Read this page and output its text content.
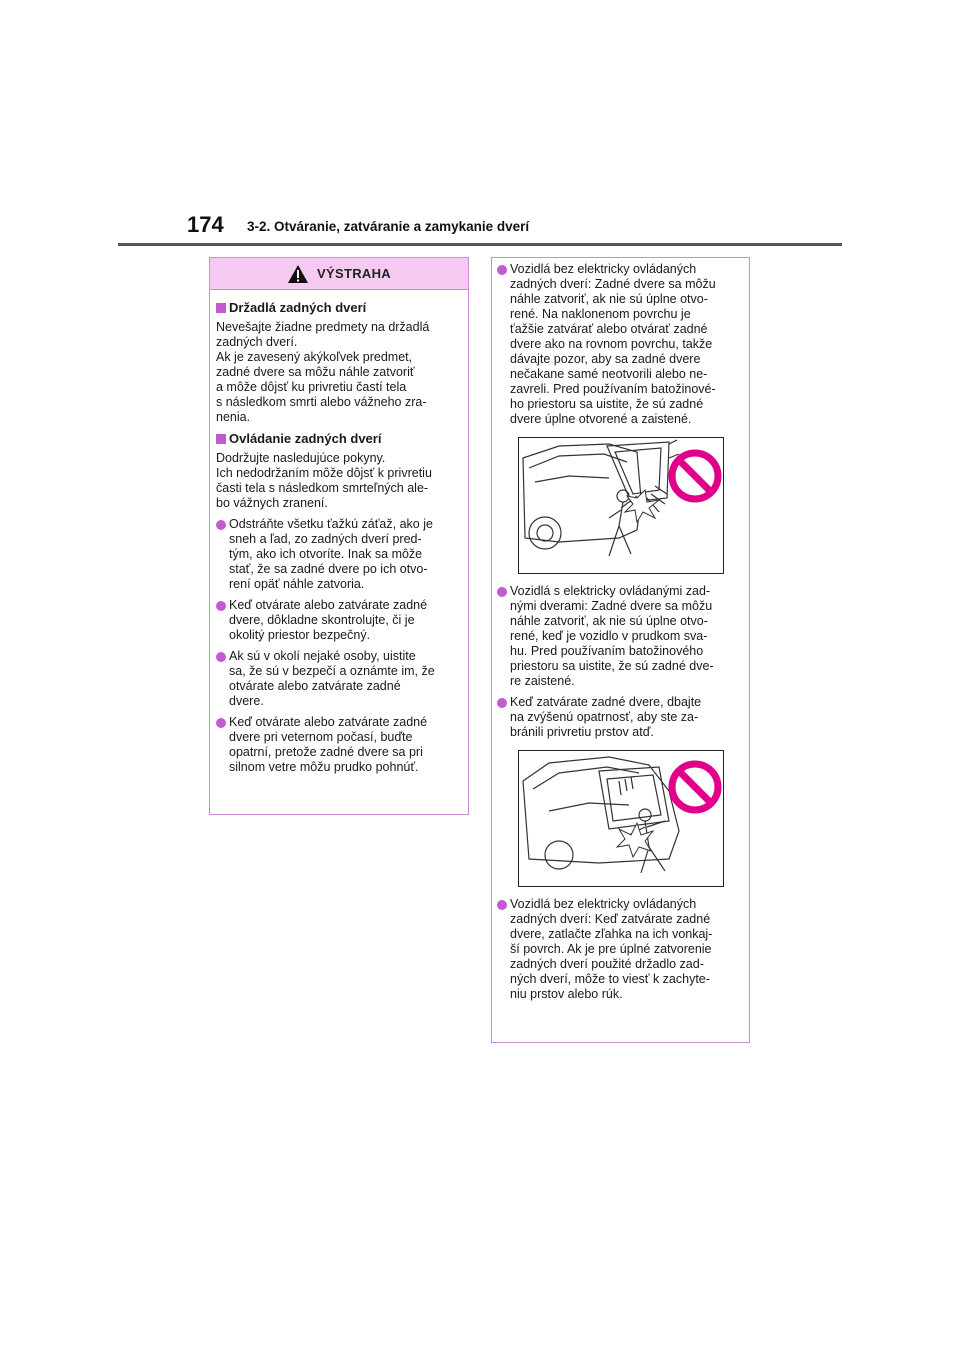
174 3-2. Otváranie, zatváranie a zamykanie dverí
VÝSTRAHA
Držadlá zadných dverí
Nevešajte žiadne predmety na držadlá
zadných dverí.
Ak je zavesený akýkoľvek predmet,
zadné dvere sa môžu náhle zatvoriť
a môže dôjsť ku privretiu častí tela
s následkom smrti alebo vážneho zra-
nenia.
Ovládanie zadných dverí
Dodržujte nasledujúce pokyny.
Ich nedodržaním môže dôjsť k privretiu
časti tela s následkom smrteľných ale-
bo vážnych zranení.
Odstráňte všetku ťažkú záťaž, ako je
sneh a ľad, zo zadných dverí pred-
tým, ako ich otvoríte. Inak sa môže
stať, že sa zadné dvere po ich otvo-
rení opäť náhle zatvoria.
Keď otvárate alebo zatvárate zadné
dvere, dôkladne skontrolujte, či je
okolitý priestor bezpečný.
Ak sú v okolí nejaké osoby, uistite
sa, že sú v bezpečí a oznámte im, že
otvárate alebo zatvárate zadné
dvere.
Keď otvárate alebo zatvárate zadné
dvere pri veternom počasí, buďte
opatrní, pretože zadné dvere sa pri
silnom vetre môžu prudko pohnúť.
Vozidlá bez elektricky ovládaných
zadných dverí: Zadné dvere sa môžu
náhle zatvoriť, ak nie sú úplne otvo-
rené. Na naklonenom povrchu je
ťažšie zatvárať alebo otvárať zadné
dvere ako na rovnom povrchu, takže
dávajte pozor, aby sa zadné dvere
nečakane samé neotvorili alebo ne-
zavreli. Pred používaním batožinové-
ho priestoru sa uistite, že sú zadné
dvere úplne otvorené a zaistené.
Vozidlá s elektricky ovládanými zad-
nými dverami: Zadné dvere sa môžu
náhle zatvoriť, ak nie sú úplne otvo-
rené, keď je vozidlo v prudkom sva-
hu. Pred používaním batožinového
priestoru sa uistite, že sú zadné dve-
re zaistené.
Keď zatvárate zadné dvere, dbajte
na zvýšenú opatrnosť, aby ste za-
bránili privretiu prstov atď.
Vozidlá bez elektricky ovládaných
zadných dverí: Keď zatvárate zadné
dvere, zatlačte zľahka na ich vonkaj-
ší povrch. Ak je pre úplné zatvorenie
zadných dverí použité držadlo zad-
ných dverí, môže to viesť k zachyte-
niu prstov alebo rúk.
